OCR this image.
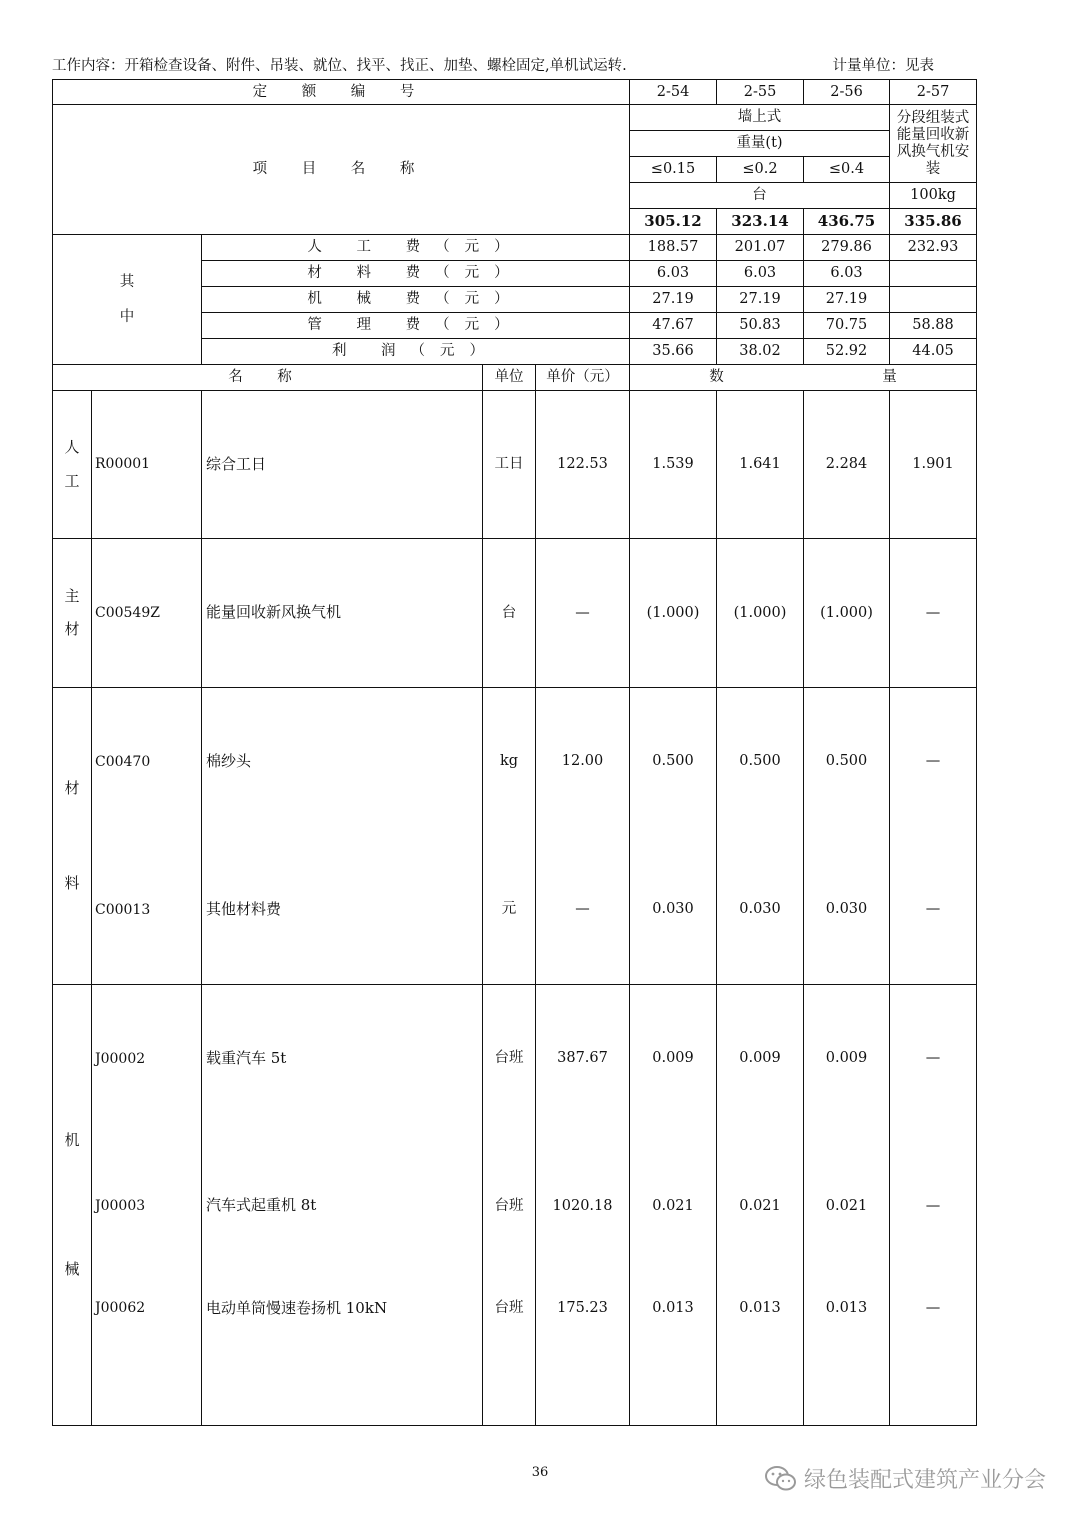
工作内容：开箱检查设备、附件、吊装、就位、找平、找正、加垫、螺栓固定,单机试运转.	计量单位：见表
定 额 编 号					2-54	2-55	2-56	2-57
项 目 名 称					墙上式			分段组装式能量回收新风换气机安装
					重量(t)			
					≤0.15	≤0.2	≤0.4	
					台			100kg
					305.12	323.14	436.75	335.86

其
中		人 工 费（元）			188.57	201.07	279.86	232.93
		材 料 费（元）			6.03	6.03	6.03	
		机 械 费（元）			27.19	27.19	27.19	
		管 理 费（元）			47.67	50.83	70.75	58.88
		利 润（元）			35.66	38.02	52.92	44.05
名 称			单位	单价（元）	数 量			

人
工	R00001	综合工日	工日	122.53	1.539	1.641	2.284	1.901

主
材	C00549Z	能量回收新风换气机	台	—	(1.000)	(1.000)	(1.000)	—

材
料	C00470	棉纱头	kg	12.00	0.500	0.500	0.500	—
	C00013	其他材料费	元	—	0.030	0.030	0.030	—

机
械	J00002	载重汽车 5t	台班	387.67	0.009	0.009	0.009	—
	J00003	汽车式起重机 8t	台班	1020.18	0.021	0.021	0.021	—
	J00062	电动单筒慢速卷扬机 10kN	台班	175.23	0.013	0.013	0.013	—
36	绿色装配式建筑产业分会
